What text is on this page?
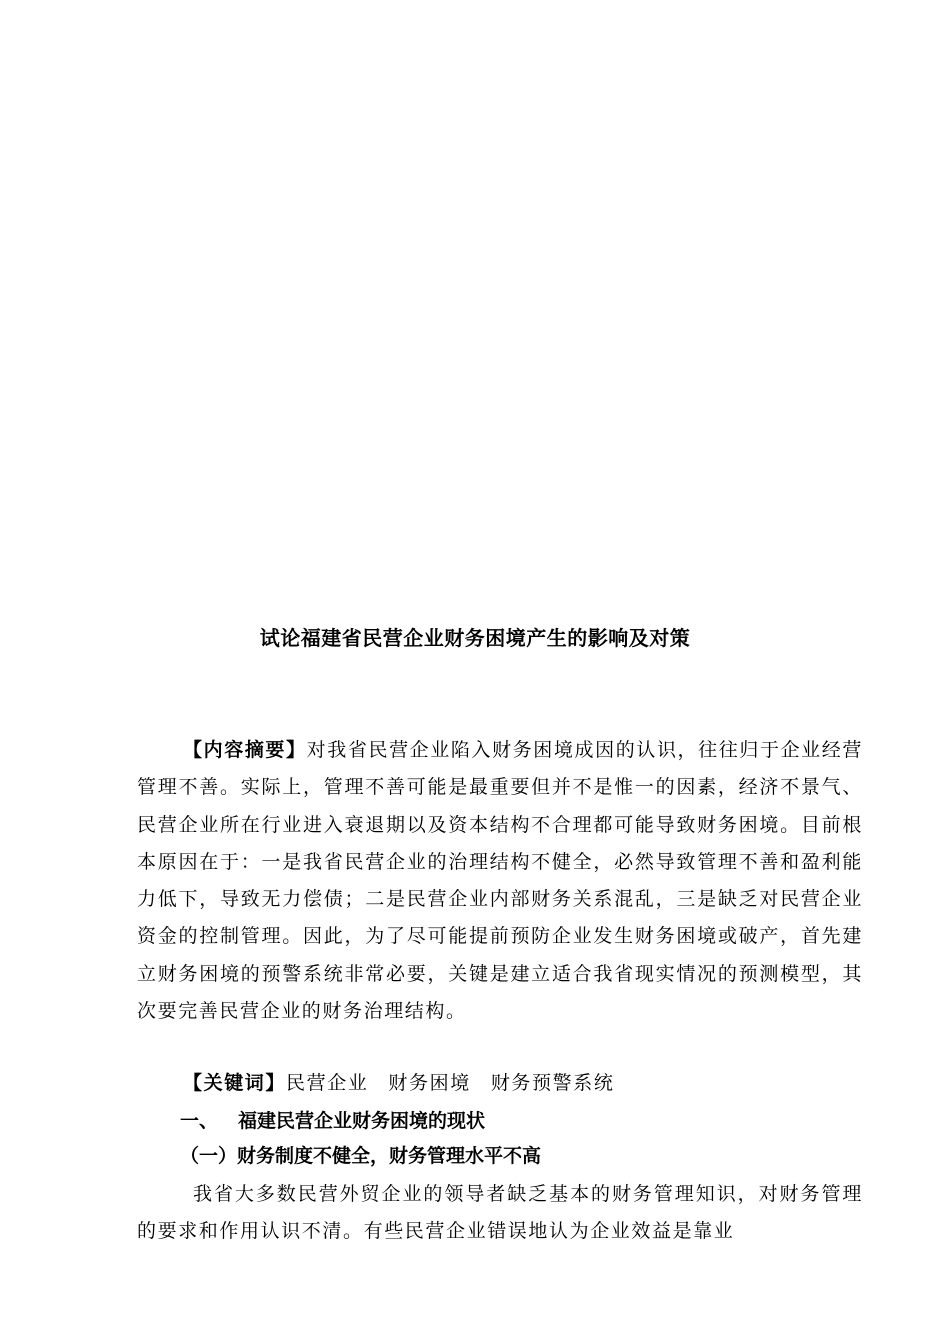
试论福建省民营企业财务困境产生的影响及对策

【内容摘要】对我省民营企业陷入财务困境成因的认识，往往归于企业经营管理不善。实际上，管理不善可能是最重要但并不是惟一的因素，经济不景气、民营企业所在行业进入衰退期以及资本结构不合理都可能导致财务困境。目前根本原因在于：一是我省民营企业的治理结构不健全，必然导致管理不善和盈利能力低下，导致无力偿债；二是民营企业内部财务关系混乱，三是缺乏对民营企业资金的控制管理。因此，为了尽可能提前预防企业发生财务困境或破产，首先建立财务困境的预警系统非常必要，关键是建立适合我省现实情况的预测模型，其次要完善民营企业的财务治理结构。

【关键词】民营企业 财务困境 财务预警系统

一、 福建民营企业财务困境的现状
（一）财务制度不健全，财务管理水平不高

我省大多数民营外贸企业的领导者缺乏基本的财务管理知识，对财务管理的要求和作用认识不清。有些民营企业错误地认为企业效益是靠业
